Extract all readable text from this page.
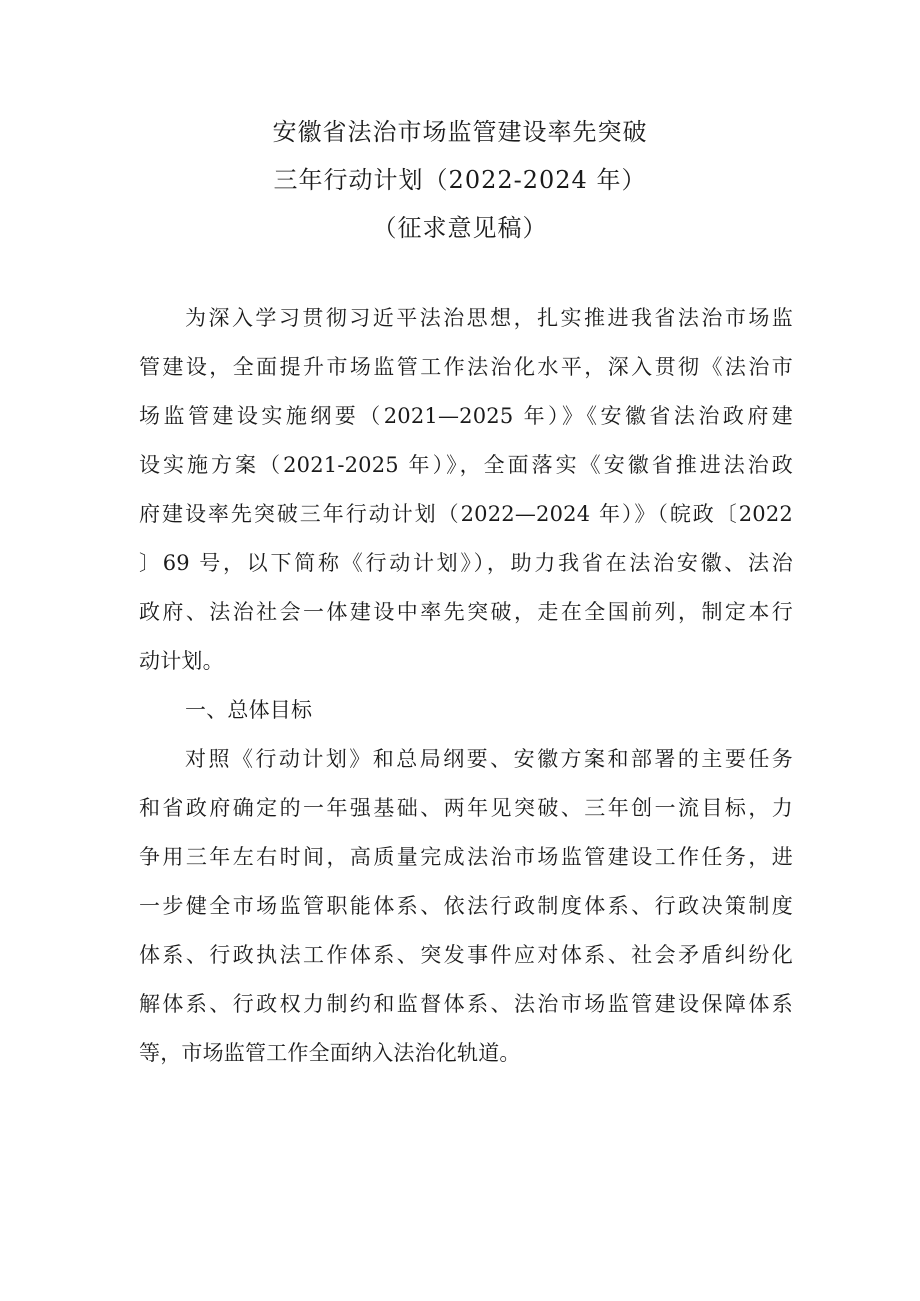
安徽省法治市场监管建设率先突破
三年行动计划（2022-2024 年）
（征求意见稿）
为深入学习贯彻习近平法治思想，扎实推进我省法治市场监
管建设，全面提升市场监管工作法治化水平，深入贯彻《法治市
场监管建设实施纲要（2021—2025 年）》《安徽省法治政府建
设实施方案（2021-2025 年）》，全面落实《安徽省推进法治政
府建设率先突破三年行动计划（2022—2024 年）》（皖政〔2022
〕69 号，以下简称《行动计划》），助力我省在法治安徽、法治
政府、法治社会一体建设中率先突破，走在全国前列，制定本行
动计划。
一、总体目标
对照《行动计划》和总局纲要、安徽方案和部署的主要任务
和省政府确定的一年强基础、两年见突破、三年创一流目标，力
争用三年左右时间，高质量完成法治市场监管建设工作任务，进
一步健全市场监管职能体系、依法行政制度体系、行政决策制度
体系、行政执法工作体系、突发事件应对体系、社会矛盾纠纷化
解体系、行政权力制约和监督体系、法治市场监管建设保障体系
等，市场监管工作全面纳入法治化轨道。
